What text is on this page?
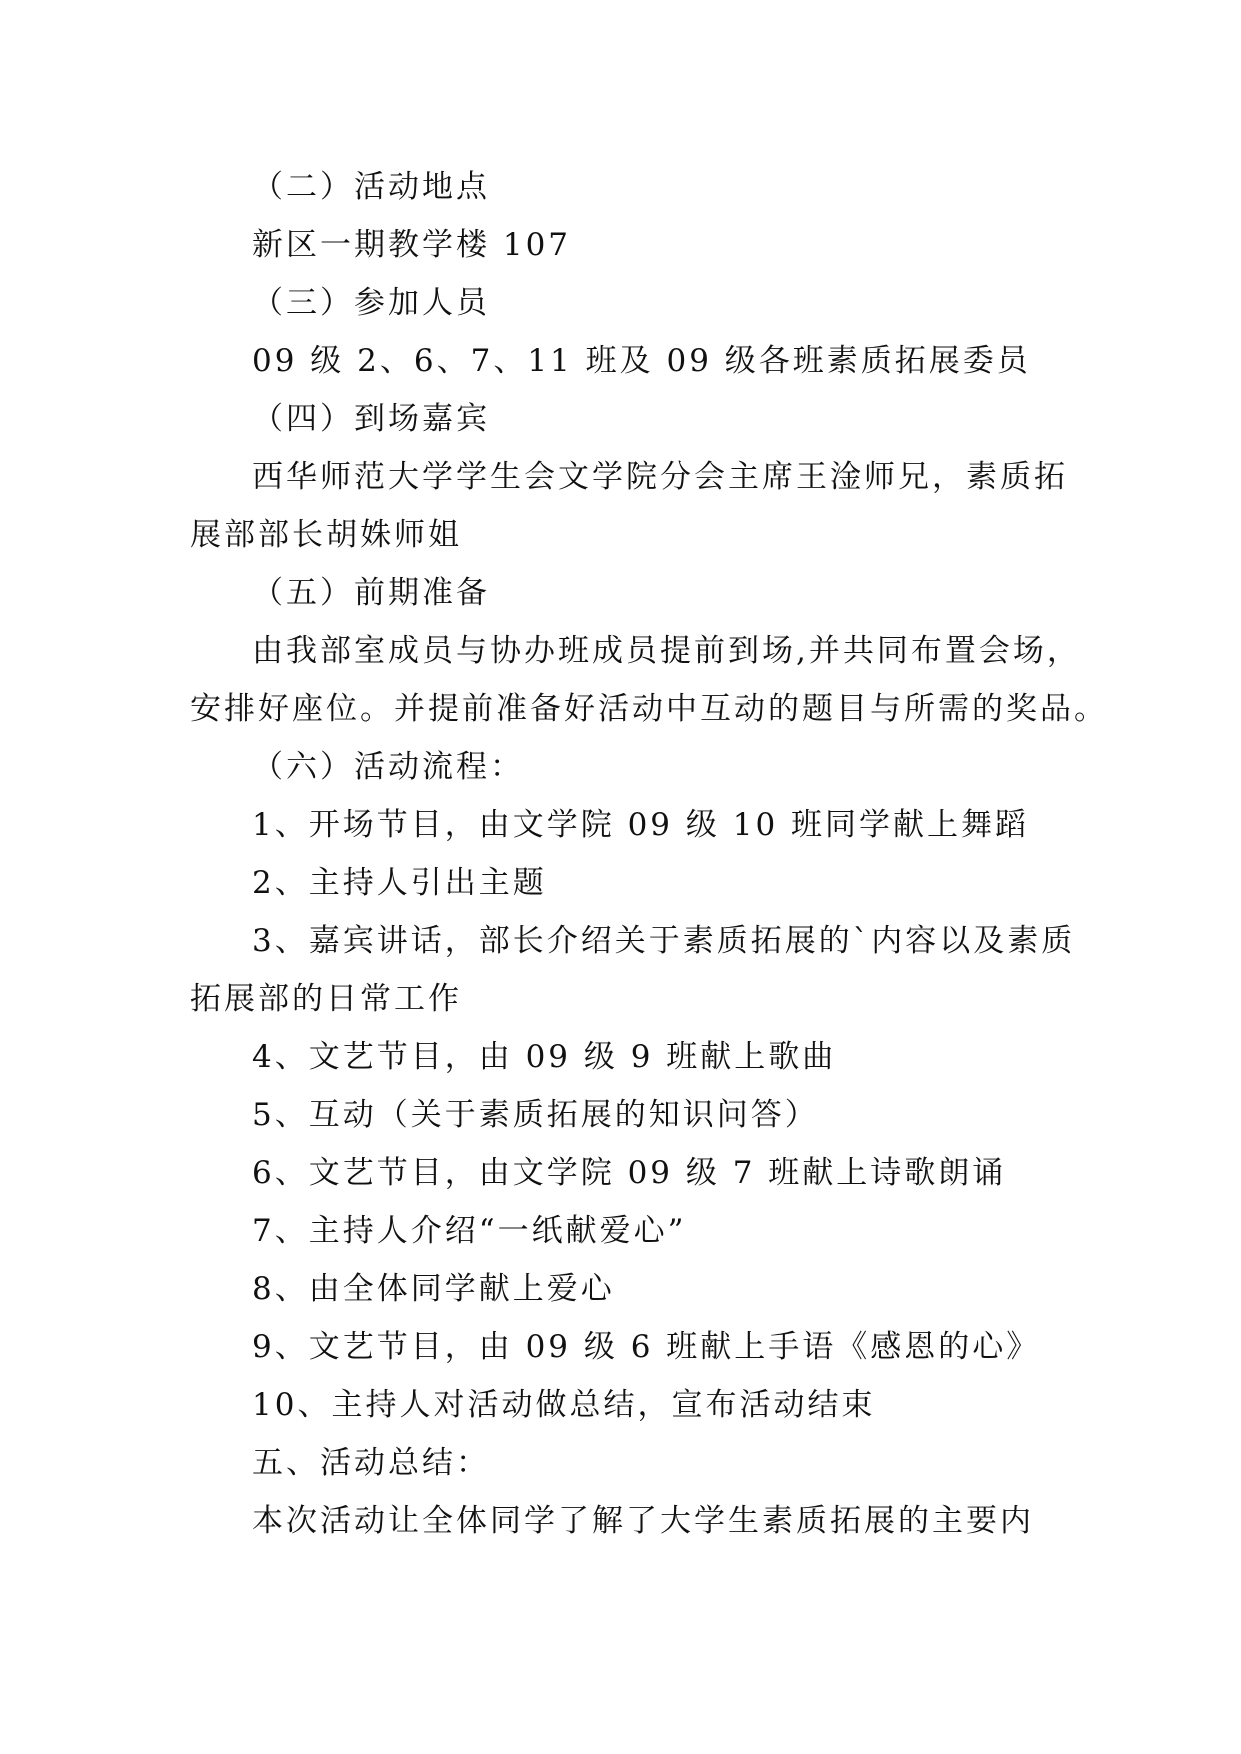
（二）活动地点
新区一期教学楼 107
（三）参加人员
09 级 2、6、7、11 班及 09 级各班素质拓展委员
（四）到场嘉宾
西华师范大学学生会文学院分会主席王淦师兄，素质拓
展部部长胡姝师姐
（五）前期准备
由我部室成员与协办班成员提前到场,并共同布置会场，
安排好座位。并提前准备好活动中互动的题目与所需的奖品。
（六）活动流程：
1、开场节目，由文学院 09 级 10 班同学献上舞蹈
2、主持人引出主题
3、嘉宾讲话，部长介绍关于素质拓展的`内容以及素质
拓展部的日常工作
4、文艺节目，由 09 级 9 班献上歌曲
5、互动（关于素质拓展的知识问答）
6、文艺节目，由文学院 09 级 7 班献上诗歌朗诵
7、主持人介绍“一纸献爱心”
8、由全体同学献上爱心
9、文艺节目，由 09 级 6 班献上手语《感恩的心》
10、主持人对活动做总结，宣布活动结束
五、活动总结：
本次活动让全体同学了解了大学生素质拓展的主要内
